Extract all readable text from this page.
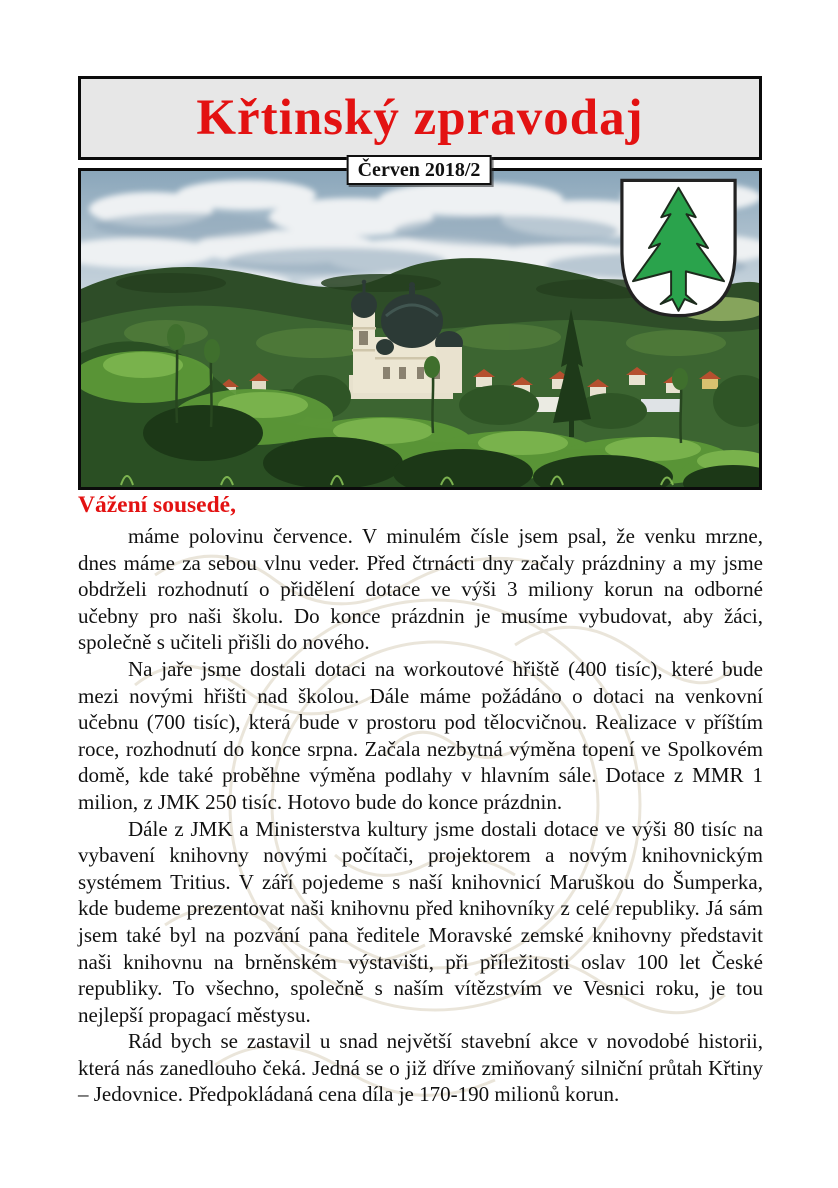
Křtinský zpravodaj
Červen 2018/2
Vážení sousedé,

máme polovinu července. V minulém čísle jsem psal, že venku mrzne, dnes máme za sebou vlnu veder. Před čtrnácti dny začaly prázdniny a my jsme obdrželi rozhodnutí o přidělení dotace ve výši 3 miliony korun na odborné učebny pro naši školu. Do konce prázdnin je musíme vybudovat, aby žáci, společně s učiteli přišli do nového.

Na jaře jsme dostali dotaci na workoutové hřiště (400 tisíc), které bude mezi novými hřišti nad školou. Dále máme požádáno o dotaci na venkovní učebnu (700 tisíc), která bude v prostoru pod tělocvičnou. Realizace v příštím roce, rozhodnutí do konce srpna. Začala nezbytná výměna topení ve Spolkovém domě, kde také proběhne výměna podlahy v hlavním sále. Dotace z MMR 1 milion, z JMK 250 tisíc. Hotovo bude do konce prázdnin.

Dále z JMK a Ministerstva kultury jsme dostali dotace ve výši 80 tisíc na vybavení knihovny novými počítači, projektorem a novým knihovnickým systémem Tritius. V září pojedeme s naší knihovnicí Maruškou do Šumperka, kde budeme prezentovat naši knihovnu před knihovníky z celé republiky. Já sám jsem také byl na pozvání pana ředitele Moravské zemské knihovny představit naši knihovnu na brněnském výstavišti, při příležitosti oslav 100 let České republiky. To všechno, společně s naším vítězstvím ve Vesnici roku, je tou nejlepší propagací městysu.

Rád bych se zastavil u snad největší stavební akce v novodobé historii, která nás zanedlouho čeká. Jedná se o již dříve zmiňovaný silniční průtah Křtiny – Jedovnice. Předpokládaná cena díla je 170-190 milionů korun.
